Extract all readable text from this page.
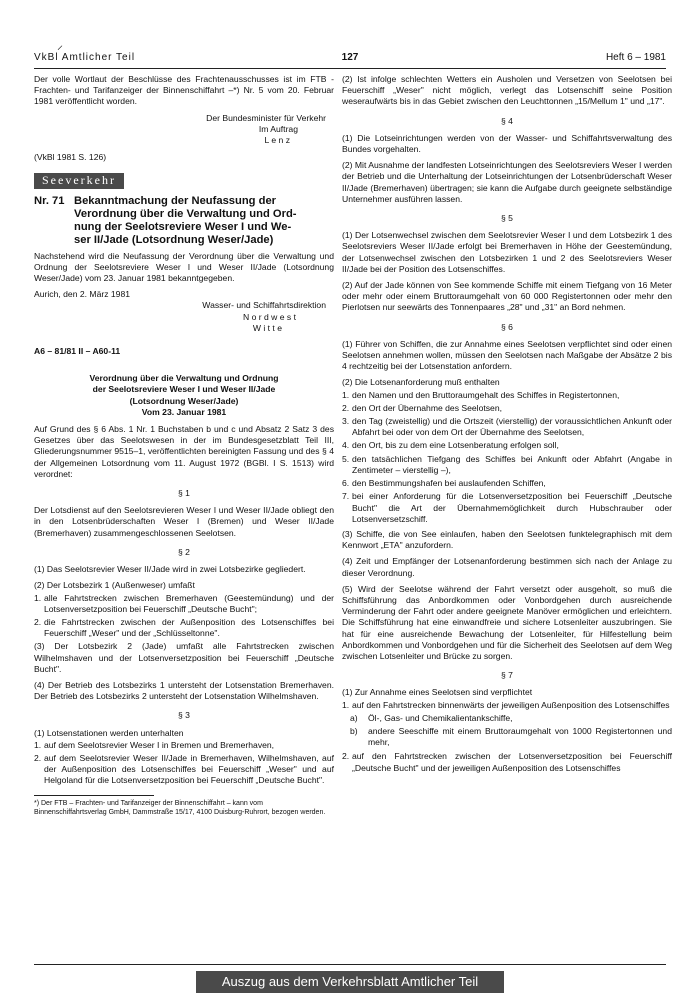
⸝
VkBl Amtlicher Teil	127	Heft 6 – 1981

Der volle Wortlaut der Beschlüsse des Frachtenausschusses ist im FTB - Frachten- und Tarifanzeiger der Binnenschiffahrt –*) Nr. 5 vom 20. Februar 1981 veröffentlicht worden.

Der Bundesminister für Verkehr
Im Auftrag
L e n z
(VkBl 1981 S. 126)
Seeverkehr
Nr. 71 Bekanntmachung der Neufassung der
Verordnung über die Verwaltung und Ord-
nung der Seelotsreviere Weser I und We-
ser II/Jade (Lotsordnung Weser/Jade)

Nachstehend wird die Neufassung der Verordnung über die Verwaltung und Ordnung der Seelotsreviere Weser I und Weser II/Jade (Lotsordnung Weser/Jade) vom 23. Januar 1981 bekanntgegeben.

Aurich, den 2. März 1981
Wasser- und Schiffahrtsdirektion
N o r d w e s t
W i t t e
A6 – 81/81 II – A60-11
Verordnung über die Verwaltung und Ordnung
der Seelotsreviere Weser I und Weser II/Jade
(Lotsordnung Weser/Jade)
Vom 23. Januar 1981

Auf Grund des § 6 Abs. 1 Nr. 1 Buchstaben b und c und Absatz 2 Satz 3 des Gesetzes über das Seelotswesen in der im Bundesgesetzblatt Teil III, Gliederungsnummer 9515–1, veröffentlichten bereinigten Fassung und des § 4 der Allgemeinen Lotsordnung vom 11. August 1972 (BGBl. I S. 1513) wird verordnet:

§ 1

Der Lotsdienst auf den Seelotsrevieren Weser I und Weser II/Jade obliegt den in den Lotsenbrüderschaften Weser I (Bremen) und Weser II/Jade (Bremerhaven) zusammengeschlossenen Seelotsen.

§ 2

(1) Das Seelotsrevier Weser II/Jade wird in zwei Lotsbezirke gegliedert.

(2) Der Lotsbezirk 1 (Außenweser) umfaßt

1. alle Fahrtstrecken zwischen Bremerhaven (Geestemündung) und der Lotsenversetzposition bei Feuerschiff „Deutsche Bucht";
2. die Fahrtstrecken zwischen der Außenposition des Lotsenschiffes bei Feuerschiff „Weser" und der „Schlüsseltonne".

(3) Der Lotsbezirk 2 (Jade) umfaßt alle Fahrtstrecken zwischen Wilhelmshaven und der Lotsenversetzposition bei Feuerschiff „Deutsche Bucht".

(4) Der Betrieb des Lotsbezirks 1 untersteht der Lotsenstation Bremerhaven. Der Betrieb des Lotsbezirks 2 untersteht der Lotsenstation Wilhelmshaven.

§ 3

(1) Lotsenstationen werden unterhalten

1. auf dem Seelotsrevier Weser I in Bremen und Bremerhaven,
2. auf dem Seelotsrevier Weser II/Jade in Bremerhaven, Wilhelmshaven, auf der Außenposition des Lotsenschiffes bei Feuerschiff „Weser" und auf Helgoland für die Lotsenversetzposition bei Feuerschiff „Deutsche Bucht".
*) Der FTB – Frachten- und Tarifanzeiger der Binnenschiffahrt – kann vom Binnenschiffahrtsverlag GmbH, Dammstraße 15/17, 4100 Duisburg-Ruhrort, bezogen werden.

(2) Ist infolge schlechten Wetters ein Ausholen und Versetzen von Seelotsen bei Feuerschiff „Weser" nicht möglich, verlegt das Lotsenschiff seine Position weseraufwärts bis in das Gebiet zwischen den Leuchttonnen „15/Mellum 1" und „17".

§ 4

(1) Die Lotseinrichtungen werden von der Wasser- und Schiffahrtsverwaltung des Bundes vorgehalten.

(2) Mit Ausnahme der landfesten Lotseinrichtungen des Seelotsreviers Weser I werden der Betrieb und die Unterhaltung der Lotseinrichtungen der Lotsenbrüderschaft Weser II/Jade (Bremerhaven) übertragen; sie kann die Aufgabe durch geeignete selbständige Unternehmer ausführen lassen.

§ 5

(1) Der Lotsenwechsel zwischen dem Seelotsrevier Weser I und dem Lotsbezirk 1 des Seelotsreviers Weser II/Jade erfolgt bei Bremerhaven in Höhe der Geestemündung, der Lotsenwechsel zwischen den Lotsbezirken 1 und 2 des Seelotsreviers Weser II/Jade bei der Position des Lotsenschiffes.

(2) Auf der Jade können von See kommende Schiffe mit einem Tiefgang von 16 Meter oder mehr oder einem Bruttoraumgehalt von 60 000 Registertonnen oder mehr den Pierlotsen nur seewärts des Tonnenpaares „28" und „31" an Bord nehmen.

§ 6

(1) Führer von Schiffen, die zur Annahme eines Seelotsen verpflichtet sind oder einen Seelotsen annehmen wollen, müssen den Seelotsen nach Maßgabe der Absätze 2 bis 4 rechtzeitig bei der Lotsenstation anfordern.

(2) Die Lotsenanforderung muß enthalten

1. den Namen und den Bruttoraumgehalt des Schiffes in Registertonnen,
2. den Ort der Übernahme des Seelotsen,
3. den Tag (zweistellig) und die Ortszeit (vierstellig) der voraussichtlichen Ankunft oder Abfahrt bei oder von dem Ort der Übernahme des Seelotsen,
4. den Ort, bis zu dem eine Lotsenberatung erfolgen soll,
5. den tatsächlichen Tiefgang des Schiffes bei Ankunft oder Abfahrt (Angabe in Zentimeter – vierstellig –),
6. den Bestimmungshafen bei auslaufenden Schiffen,
7. bei einer Anforderung für die Lotsenversetzposition bei Feuerschiff „Deutsche Bucht" die Art der Übernahmemöglichkeit durch Hubschrauber oder Lotsenversetzschiff.

(3) Schiffe, die von See einlaufen, haben den Seelotsen funktelegraphisch mit dem Kennwort „ETA" anzufordern.

(4) Zeit und Empfänger der Lotsenanforderung bestimmen sich nach der Anlage zu dieser Verordnung.

(5) Wird der Seelotse während der Fahrt versetzt oder ausgeholt, so muß die Schiffsführung das Anbordkommen oder Vonbordgehen durch ausreichende Verminderung der Fahrt oder andere geeignete Manöver ermöglichen und erleichtern. Die Schiffsführung hat eine einwandfreie und sichere Lotsenleiter auszubringen. Sie hat für eine ausreichende Bewachung der Lotsenleiter, für Hilfestellung beim Anbordkommen und Vonbordgehen und für die Sicherheit des Seelotsen auf dem Weg zwischen Lotsenleiter und Brücke zu sorgen.

§ 7

(1) Zur Annahme eines Seelotsen sind verpflichtet

1. auf den Fahrtstrecken binnenwärts der jeweiligen Außenposition des Lotsenschiffes
a)	Öl-, Gas- und Chemikalientankschiffe,
b)	andere Seeschiffe mit einem Bruttoraumgehalt von 1000 Registertonnen und mehr,
2. auf den Fahrtstrecken zwischen der Lotsenversetzposition bei Feuerschiff „Deutsche Bucht" und der jeweiligen Außenposition des Lotsenschiffes
Auszug aus dem Verkehrsblatt Amtlicher Teil
